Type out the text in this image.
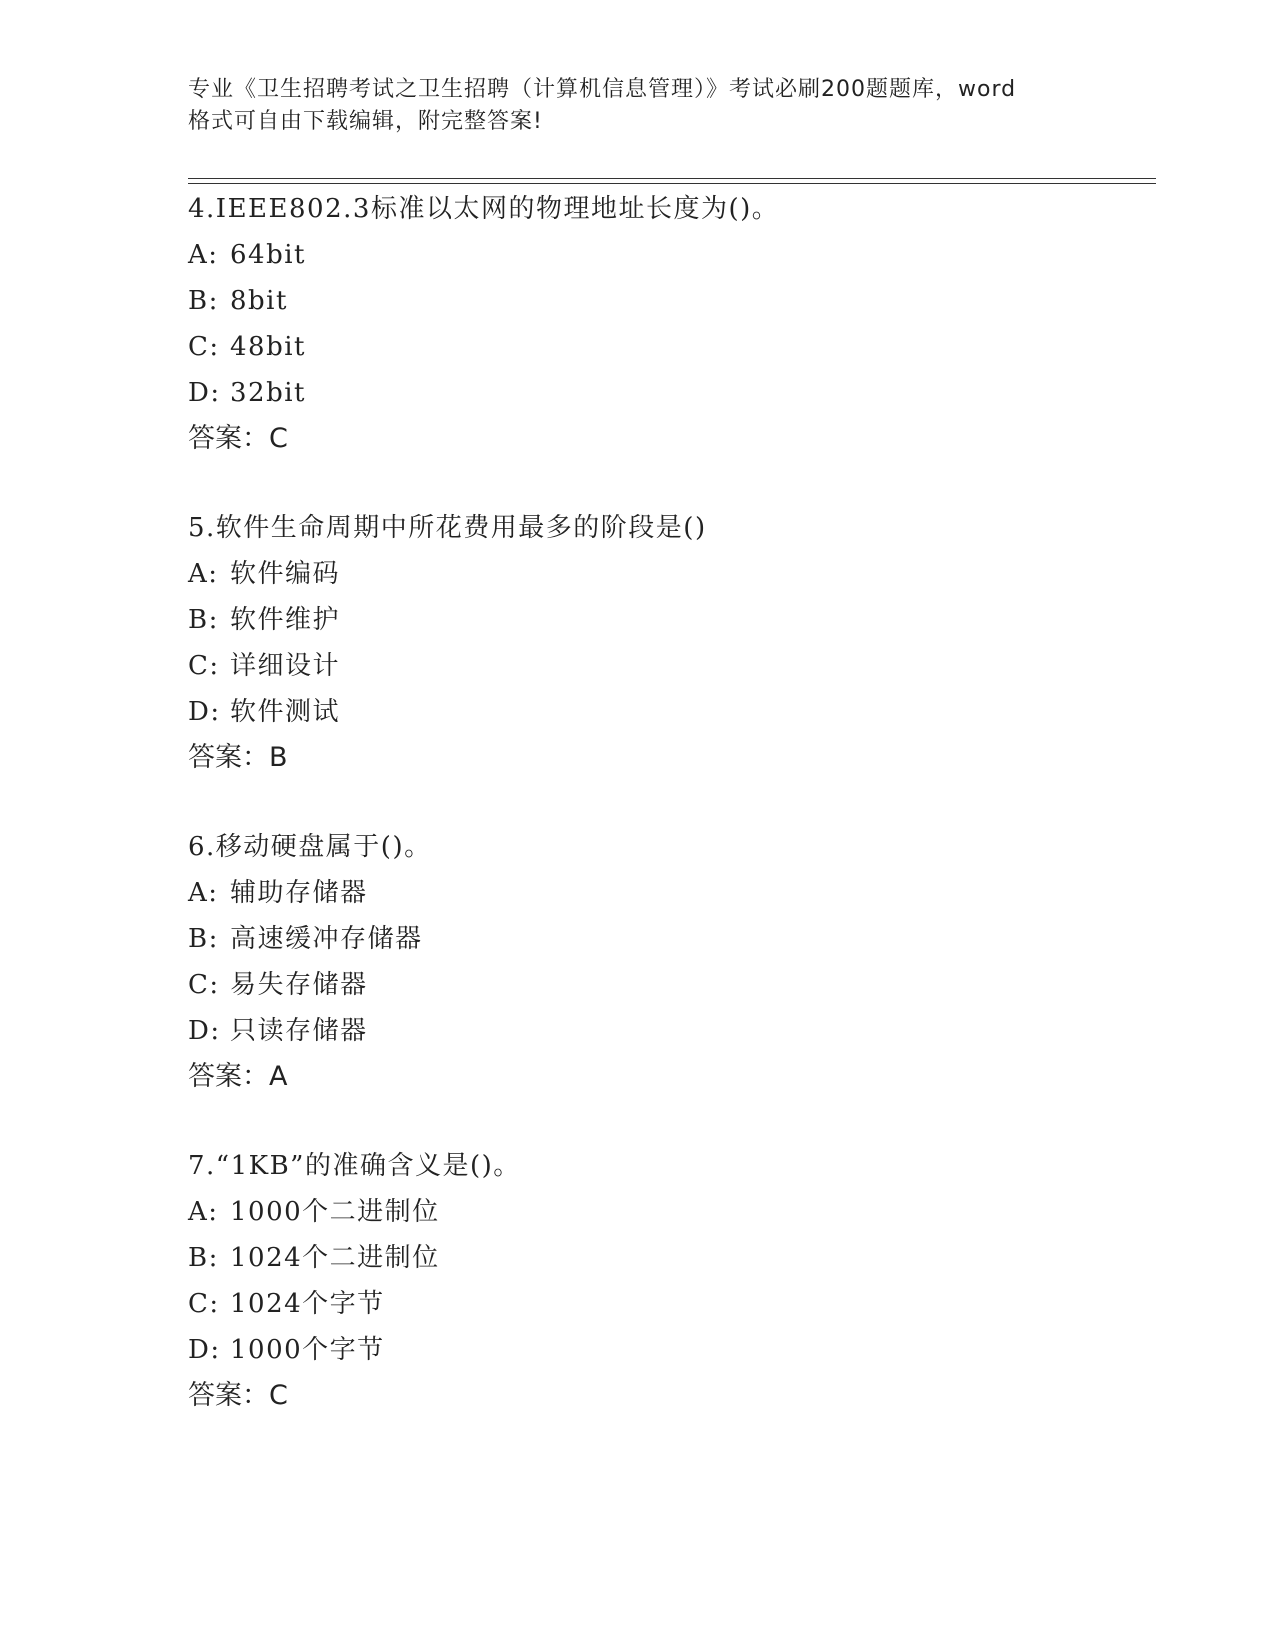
专业《卫生招聘考试之卫生招聘（计算机信息管理）》考试必刷200题题库，word
格式可自由下载编辑，附完整答案!
4.IEEE802.3标准以太网的物理地址长度为()。
A: 64bit
B: 8bit
C: 48bit
D: 32bit
答案：C
5.软件生命周期中所花费用最多的阶段是()
A: 软件编码
B: 软件维护
C: 详细设计
D: 软件测试
答案：B
6.移动硬盘属于()。
A: 辅助存储器
B: 高速缓冲存储器
C: 易失存储器
D: 只读存储器
答案：A
7.“1KB”的准确含义是()。
A: 1000个二进制位
B: 1024个二进制位
C: 1024个字节
D: 1000个字节
答案：C
